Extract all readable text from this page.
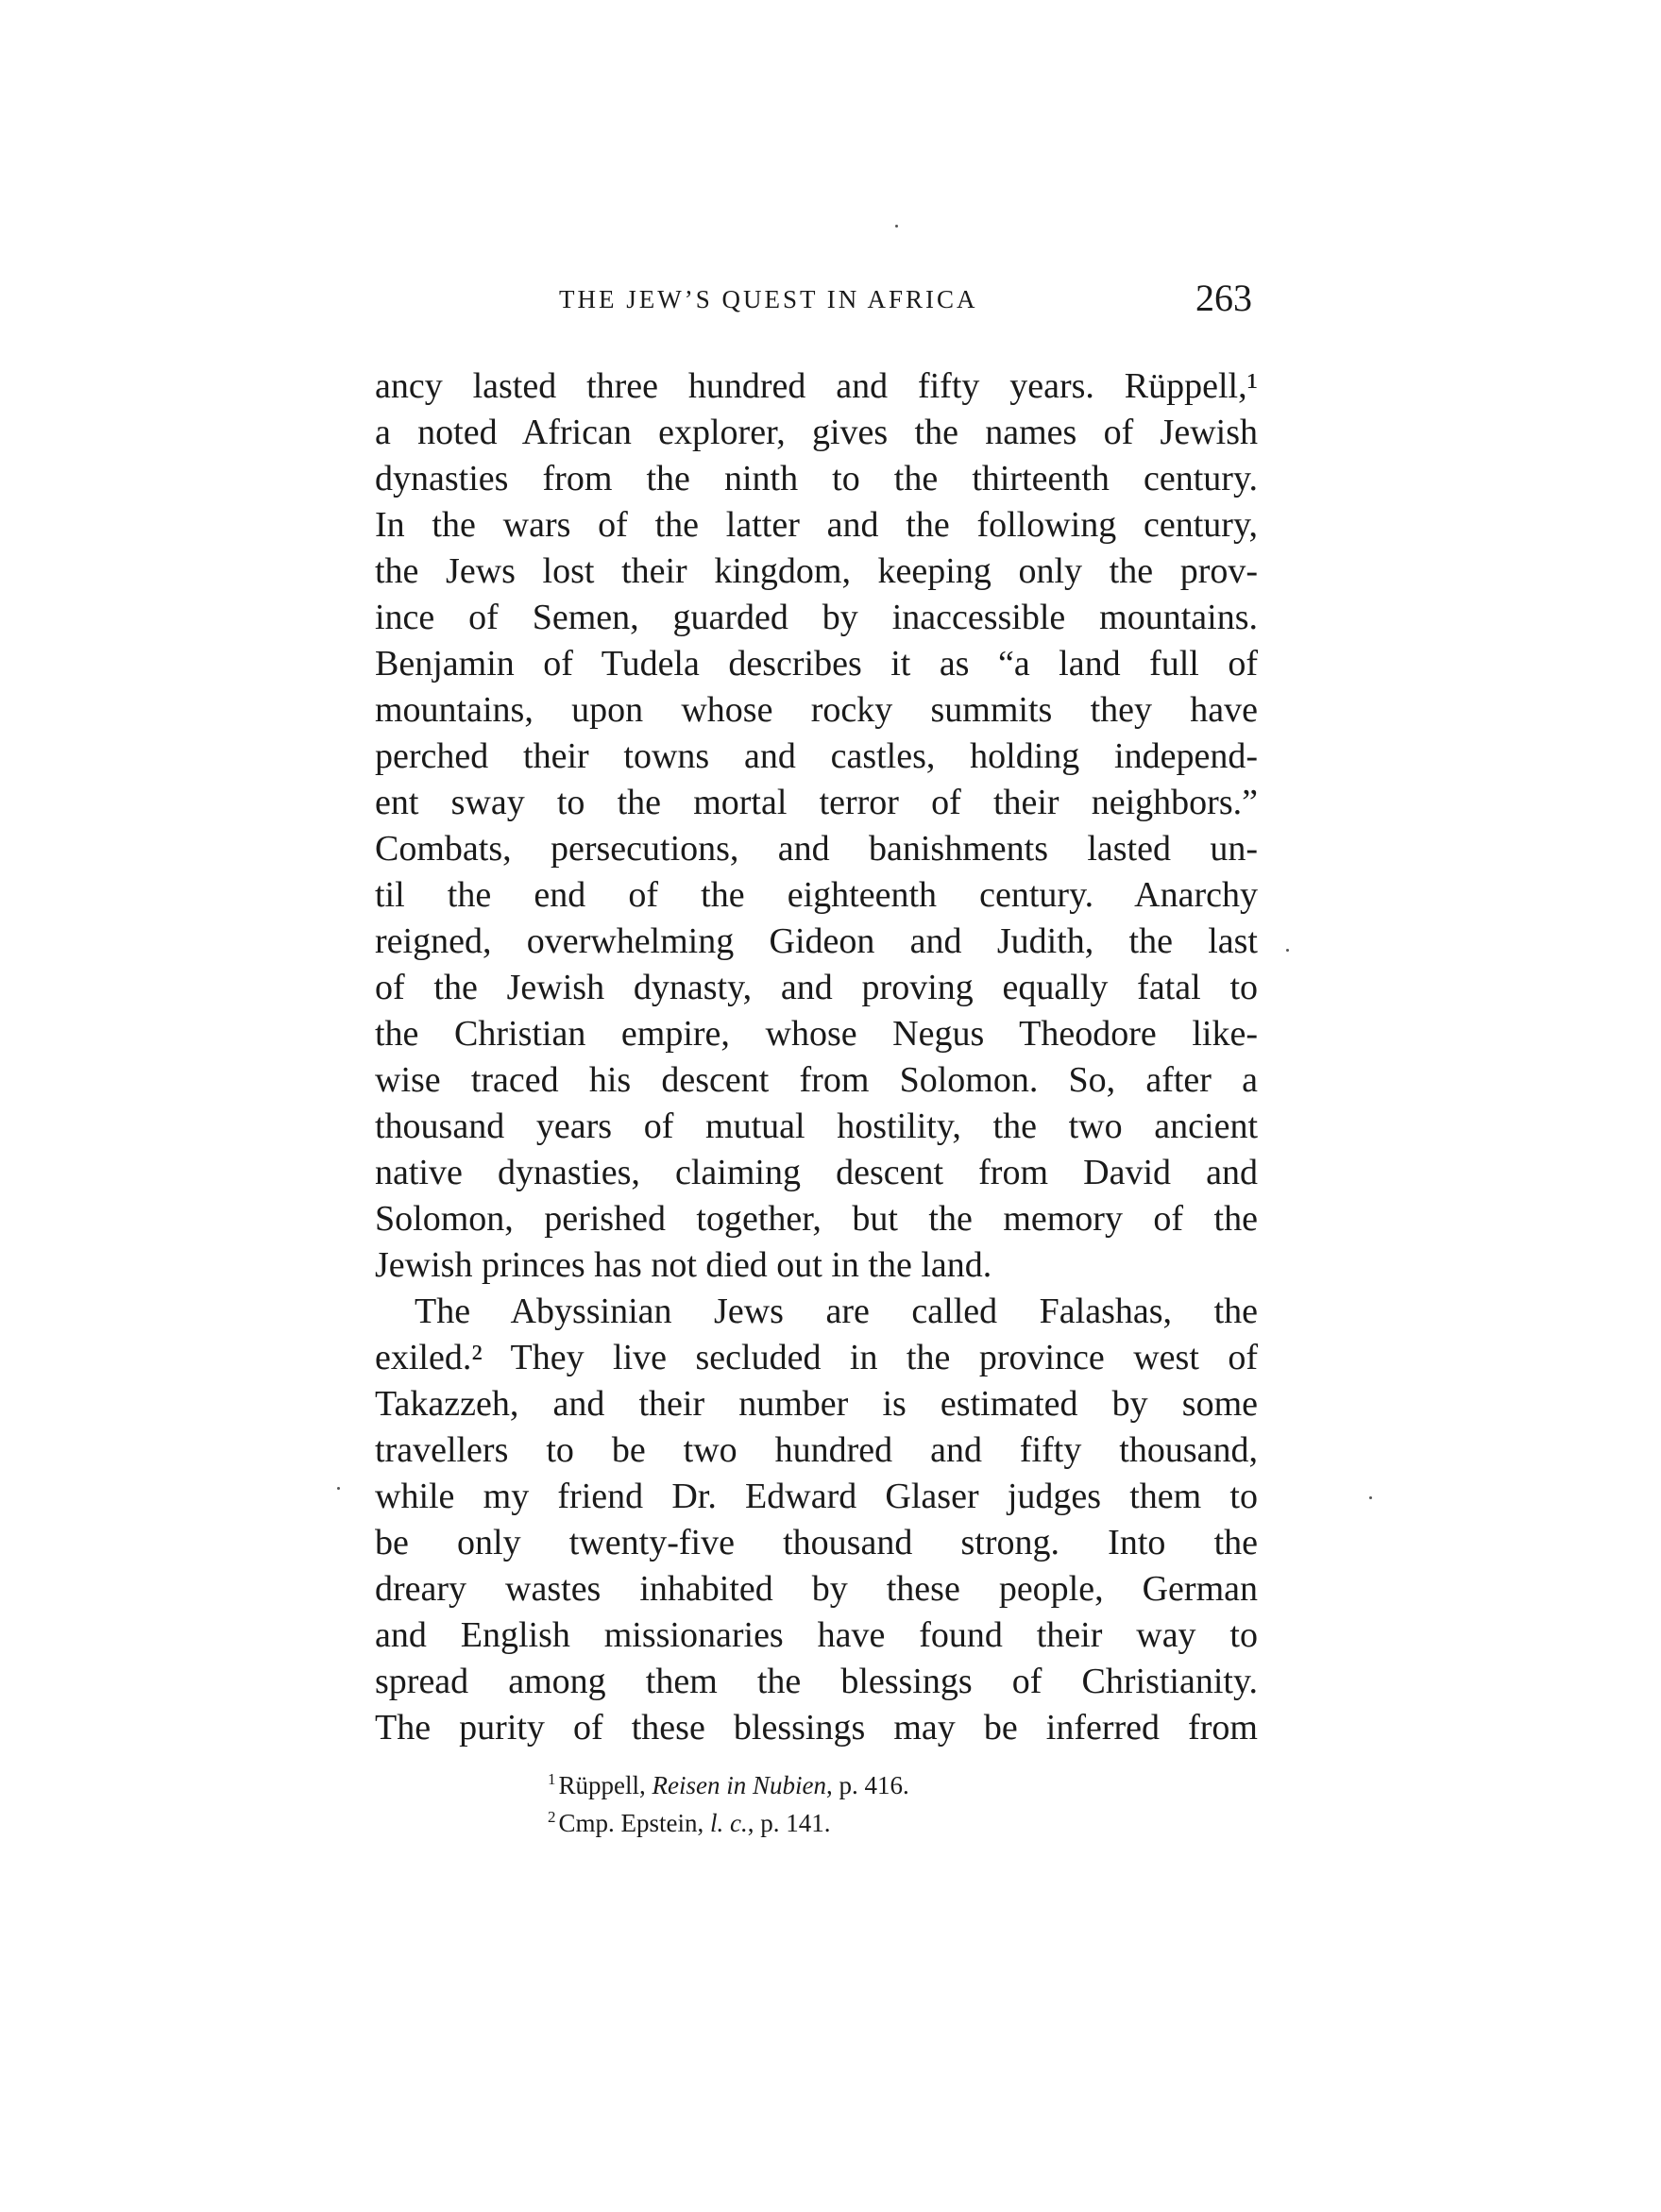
THE JEW’S QUEST IN AFRICA	263
ancy lasted three hundred and fifty years. Rüppell,¹
a noted African explorer, gives the names of Jewish
dynasties from the ninth to the thirteenth century.
In the wars of the latter and the following century,
the Jews lost their kingdom, keeping only the prov-
ince of Semen, guarded by inaccessible mountains.
Benjamin of Tudela describes it as “a land full of
mountains, upon whose rocky summits they have
perched their towns and castles, holding independ-
ent sway to the mortal terror of their neighbors.”
Combats, persecutions, and banishments lasted un-
til the end of the eighteenth century. Anarchy
reigned, overwhelming Gideon and Judith, the last
of the Jewish dynasty, and proving equally fatal to
the Christian empire, whose Negus Theodore like-
wise traced his descent from Solomon. So, after a
thousand years of mutual hostility, the two ancient
native dynasties, claiming descent from David and
Solomon, perished together, but the memory of the
Jewish princes has not died out in the land.
The Abyssinian Jews are called Falashas, the
exiled.² They live secluded in the province west of
Takazzeh, and their number is estimated by some
travellers to be two hundred and fifty thousand,
while my friend Dr. Edward Glaser judges them to
be only twenty-five thousand strong. Into the
dreary wastes inhabited by these people, German
and English missionaries have found their way to
spread among them the blessings of Christianity.
The purity of these blessings may be inferred from
$^1$ Rüppell, Reisen in Nubien, p. 416.
$^2$ Cmp. Epstein, l. c., p. 141.
